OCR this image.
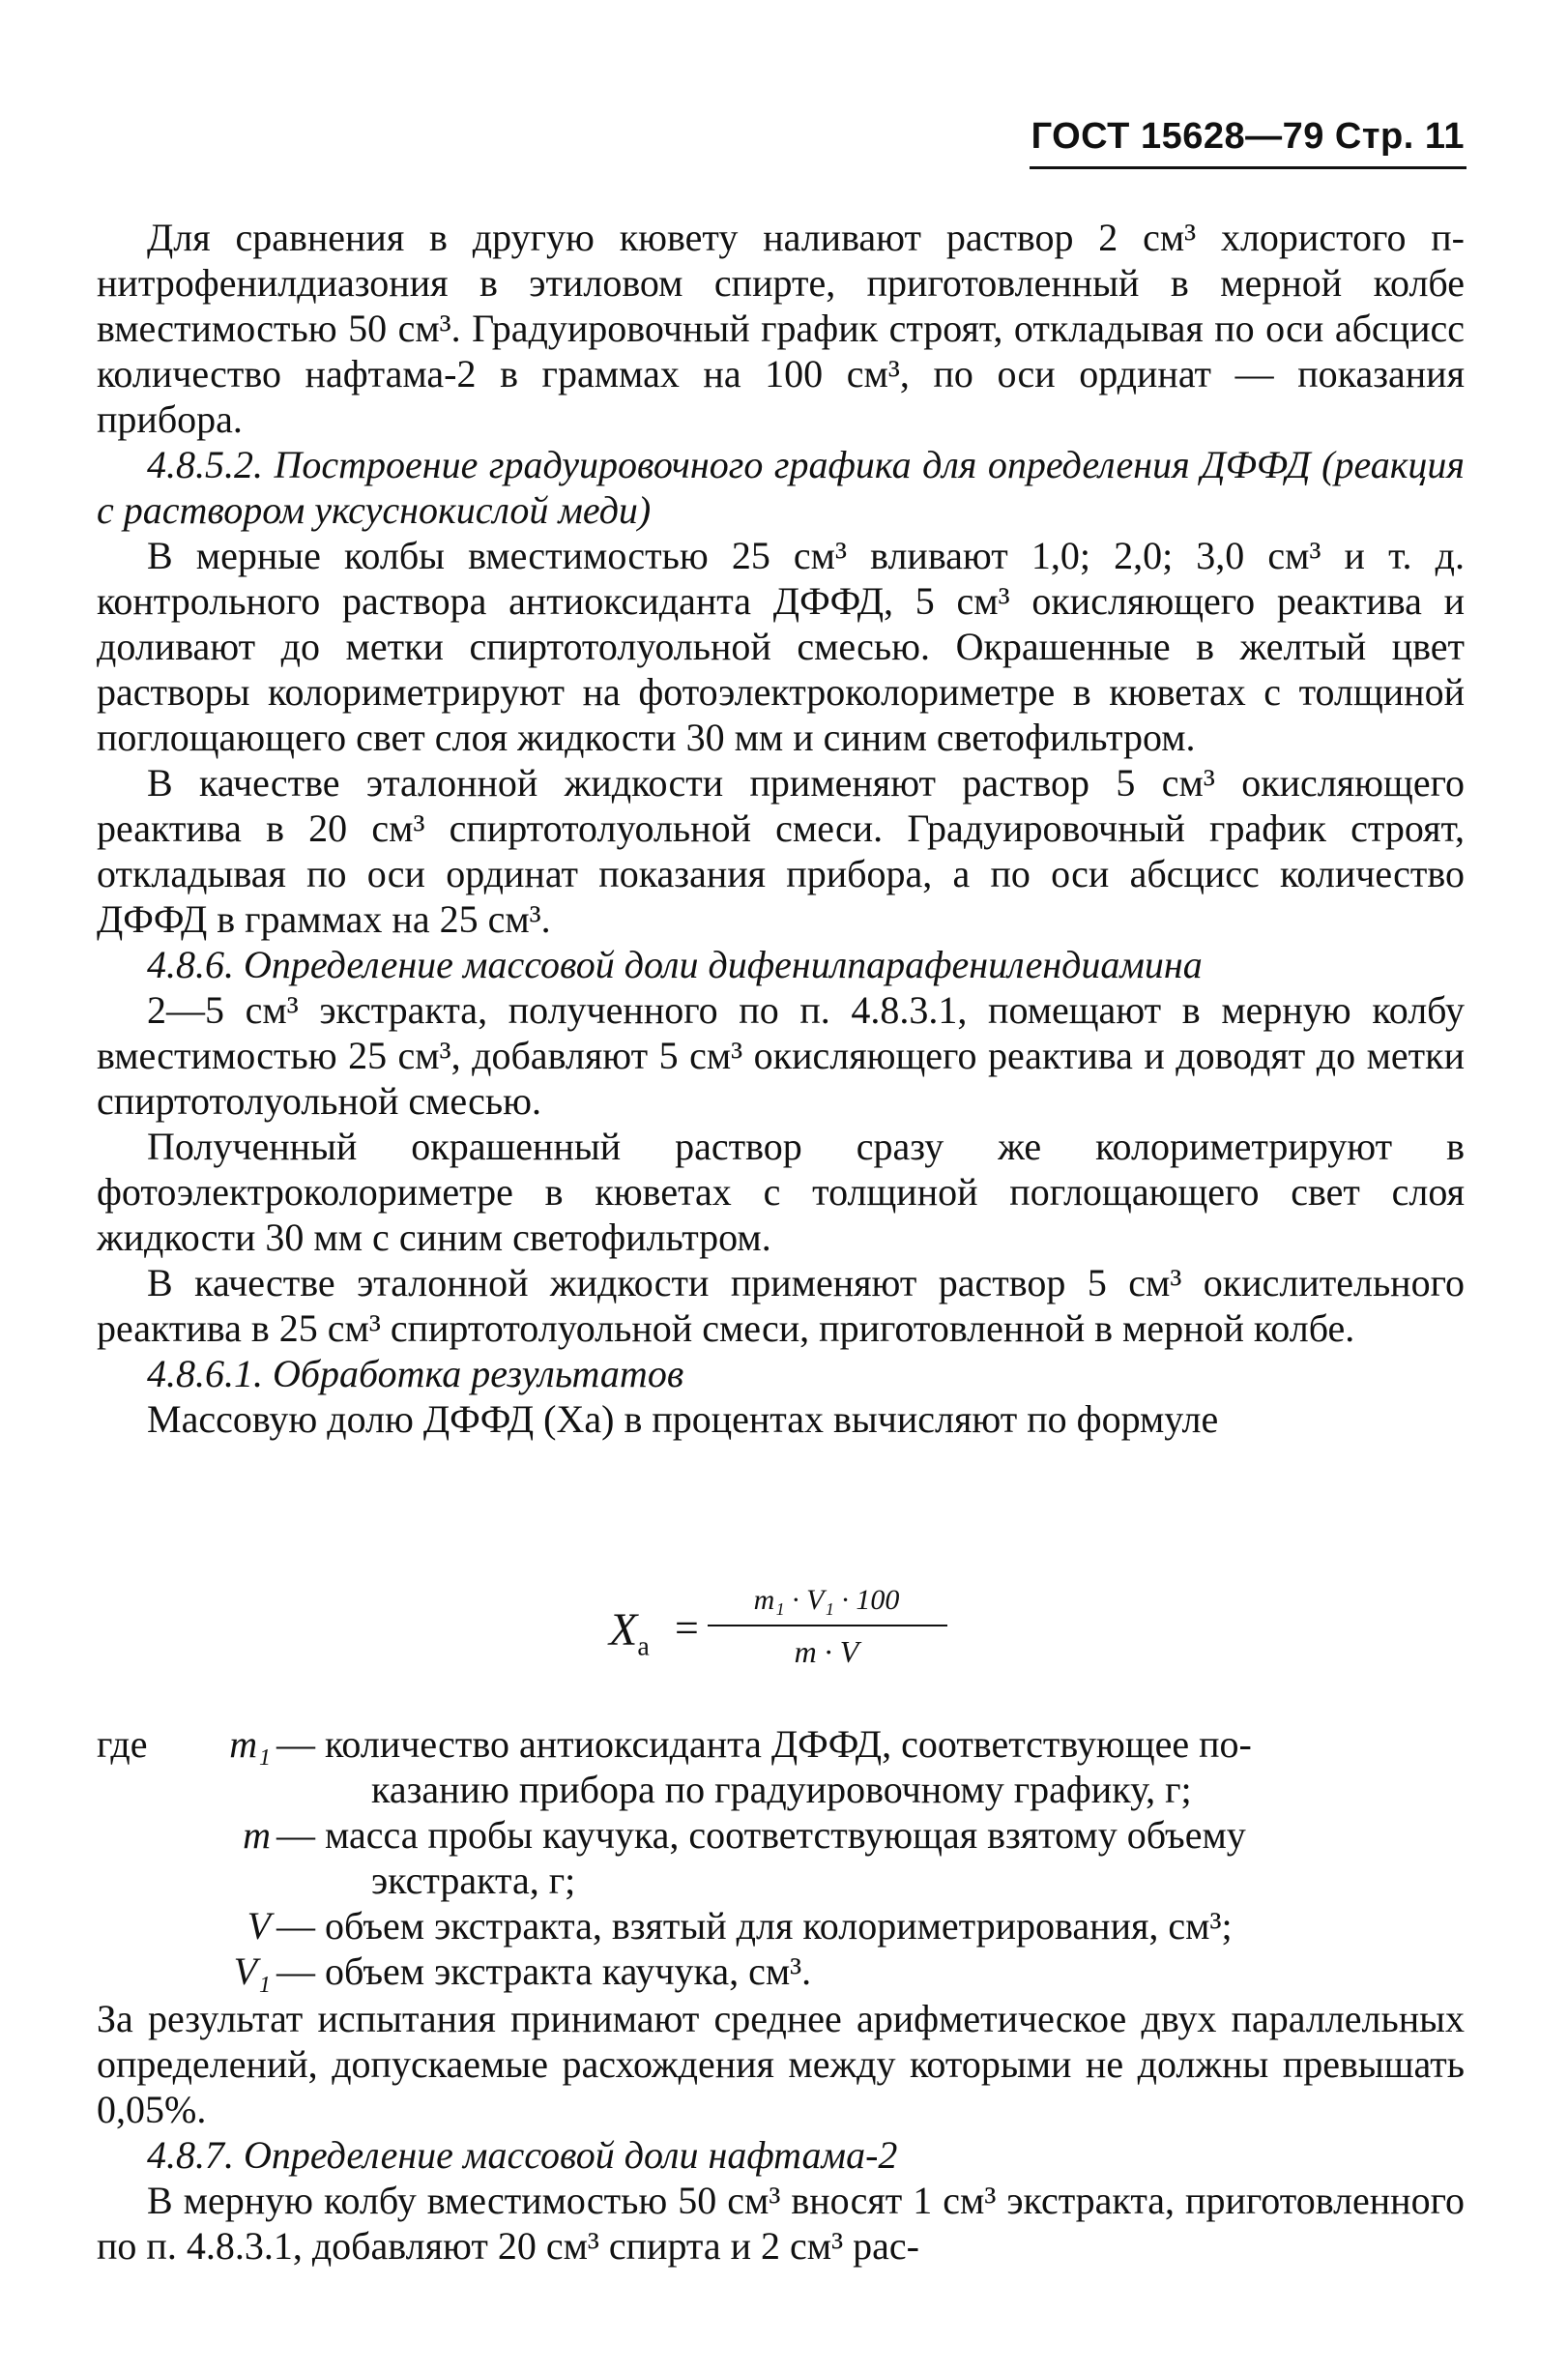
ГОСТ 15628—79 Стр. 11

Для сравнения в другую кювету наливают раствор 2 см³ хлористого п-нитрофенилдиазония в этиловом спирте, приготовленный в мерной колбе вместимостью 50 см³. Градуировочный график строят, откладывая по оси абсцисс количество нафтама-2 в граммах на 100 см³, по оси ординат — показания прибора.

4.8.5.2. Построение градуировочного графика для определения ДФФД (реакция с раствором уксуснокислой меди)

В мерные колбы вместимостью 25 см³ вливают 1,0; 2,0; 3,0 см³ и т. д. контрольного раствора антиоксиданта ДФФД, 5 см³ окисляющего реактива и доливают до метки спиртотолуольной смесью. Окрашенные в желтый цвет растворы колориметрируют на фотоэлектроколориметре в кюветах с толщиной поглощающего свет слоя жидкости 30 мм и синим светофильтром.

В качестве эталонной жидкости применяют раствор 5 см³ окисляющего реактива в 20 см³ спиртотолуольной смеси. Градуировочный график строят, откладывая по оси ординат показания прибора, а по оси абсцисс количество ДФФД в граммах на 25 см³.

4.8.6. Определение массовой доли дифенилпарафенилендиамина

2—5 см³ экстракта, полученного по п. 4.8.3.1, помещают в мерную колбу вместимостью 25 см³, добавляют 5 см³ окисляющего реактива и доводят до метки спиртотолуольной смесью.

Полученный окрашенный раствор сразу же колориметрируют в фотоэлектроколориметре в кюветах с толщиной поглощающего свет слоя жидкости 30 мм с синим светофильтром.

В качестве эталонной жидкости применяют раствор 5 см³ окислительного реактива в 25 см³ спиртотолуольной смеси, приготовленной в мерной колбе.

4.8.6.1. Обработка результатов

Массовую долю ДФФД (Xа) в процентах вычисляют по формуле

$X_а$ =
m₁ · V₁ · 100
m · V
где	m₁ — количество антиоксиданта ДФФД, соответствующее по-
казанию прибора по градуировочному графику, г;
m — масса пробы каучука, соответствующая взятому объему
экстракта, г;
V — объем экстракта, взятый для колориметрирования, см³;
V₁ — объем экстракта каучука, см³.

За результат испытания принимают среднее арифметическое двух параллельных определений, допускаемые расхождения между которыми не должны превышать 0,05%.

4.8.7. Определение массовой доли нафтама-2

В мерную колбу вместимостью 50 см³ вносят 1 см³ экстракта, приготовленного по п. 4.8.3.1, добавляют 20 см³ спирта и 2 см³ рас-
